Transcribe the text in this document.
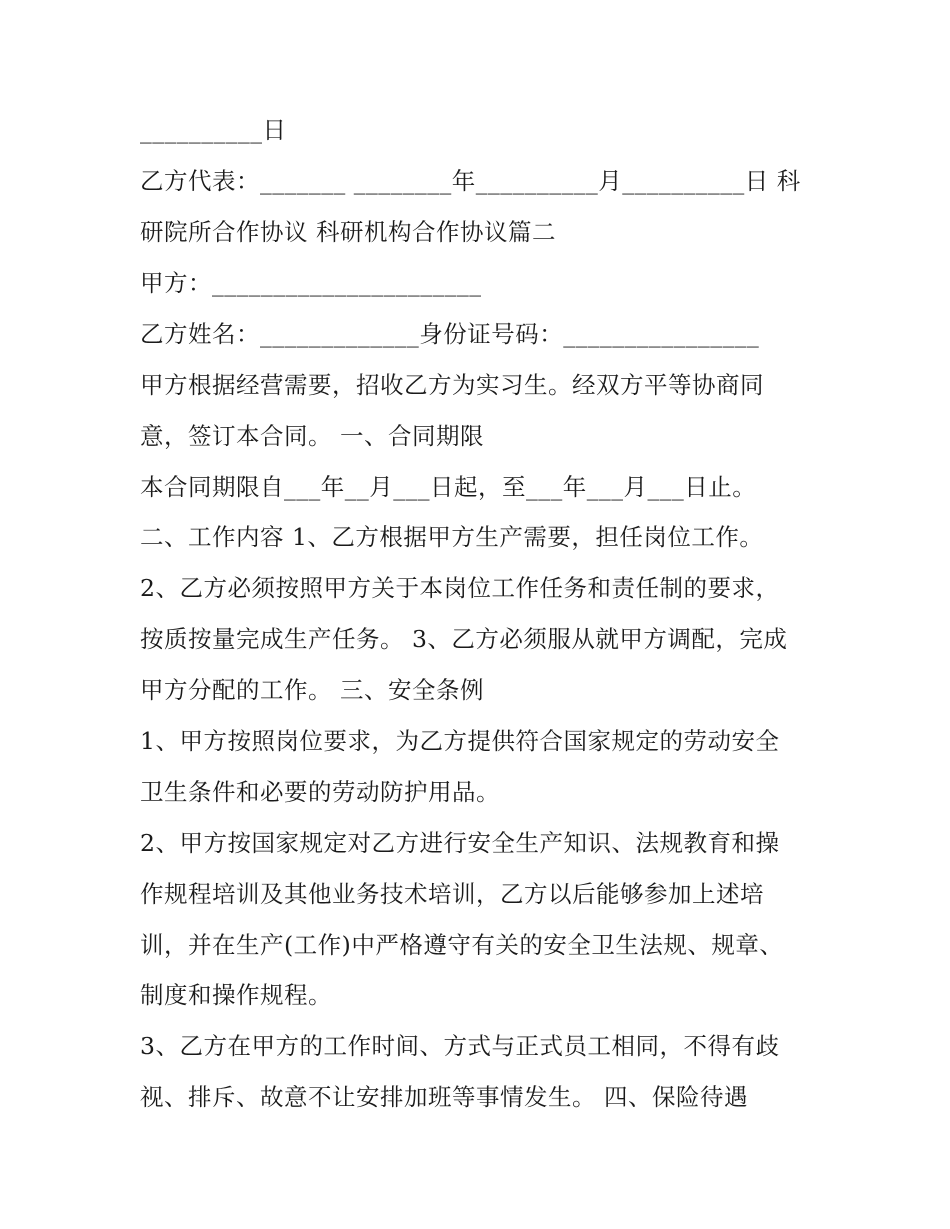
__________日
乙方代表：_______ ________年__________月__________日 科
研院所合作协议 科研机构合作协议篇二
甲方：______________________
乙方姓名：_____________身份证号码：________________
甲方根据经营需要，招收乙方为实习生。经双方平等协商同
意，签订本合同。 一、合同期限
本合同期限自___年__月___日起，至___年___月___日止。
二、工作内容 1、乙方根据甲方生产需要，担任岗位工作。
2、乙方必须按照甲方关于本岗位工作任务和责任制的要求，
按质按量完成生产任务。 3、乙方必须服从就甲方调配，完成
甲方分配的工作。 三、安全条例
1、甲方按照岗位要求，为乙方提供符合国家规定的劳动安全
卫生条件和必要的劳动防护用品。
2、甲方按国家规定对乙方进行安全生产知识、法规教育和操
作规程培训及其他业务技术培训，乙方以后能够参加上述培
训，并在生产(工作)中严格遵守有关的安全卫生法规、规章、
制度和操作规程。
3、乙方在甲方的工作时间、方式与正式员工相同，不得有歧
视、排斥、故意不让安排加班等事情发生。 四、保险待遇
